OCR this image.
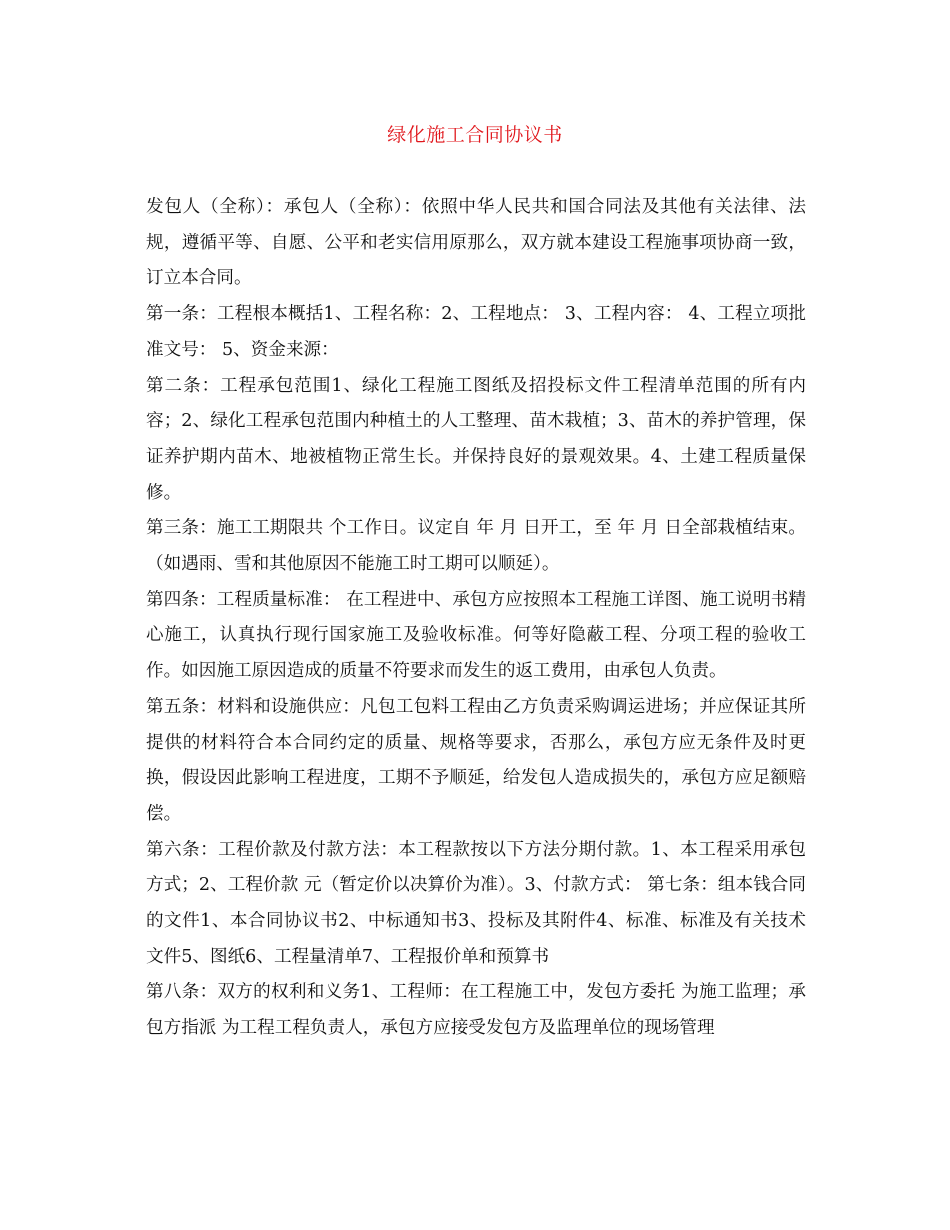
绿化施工合同协议书

发包人（全称）：承包人（全称）：依照中华人民共和国合同法及其他有关法律、法规，遵循平等、自愿、公平和老实信用原那么，双方就本建设工程施事项协商一致，订立本合同。

第一条：工程根本概括1、工程名称：2、工程地点： 3、工程内容： 4、工程立项批准文号： 5、资金来源：

第二条：工程承包范围1、绿化工程施工图纸及招投标文件工程清单范围的所有内容；2、绿化工程承包范围内种植土的人工整理、苗木栽植；3、苗木的养护管理，保证养护期内苗木、地被植物正常生长。并保持良好的景观效果。4、土建工程质量保修。

第三条：施工工期限共 个工作日。议定自 年 月 日开工，至 年 月 日全部栽植结束。（如遇雨、雪和其他原因不能施工时工期可以顺延）。

第四条：工程质量标准： 在工程进中、承包方应按照本工程施工详图、施工说明书精心施工，认真执行现行国家施工及验收标准。何等好隐蔽工程、分项工程的验收工作。如因施工原因造成的质量不符要求而发生的返工费用，由承包人负责。

第五条：材料和设施供应：凡包工包料工程由乙方负责采购调运进场；并应保证其所提供的材料符合本合同约定的质量、规格等要求，否那么，承包方应无条件及时更换，假设因此影响工程进度，工期不予顺延，给发包人造成损失的，承包方应足额赔偿。

第六条：工程价款及付款方法：本工程款按以下方法分期付款。1、本工程采用承包方式；2、工程价款 元（暂定价以决算价为准）。3、付款方式： 第七条：组本钱合同的文件1、本合同协议书2、中标通知书3、投标及其附件4、标准、标准及有关技术文件5、图纸6、工程量清单7、工程报价单和预算书

第八条：双方的权利和义务1、工程师：在工程施工中，发包方委托 为施工监理；承包方指派 为工程工程负责人，承包方应接受发包方及监理单位的现场管理
